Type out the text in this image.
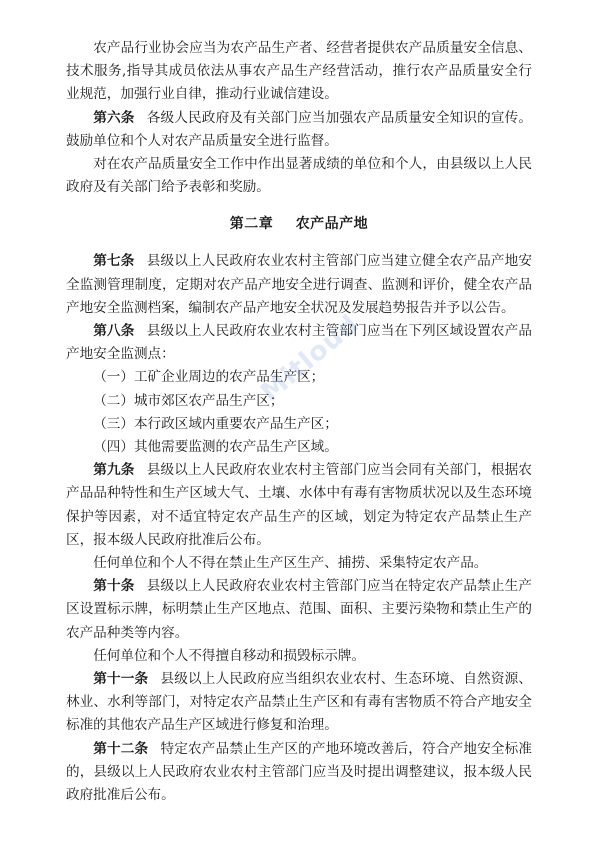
Mitloud

农产品行业协会应当为农产品生产者、经营者提供农产品质量安全信息、技术服务,指导其成员依法从事农产品生产经营活动，推行农产品质量安全行业规范，加强行业自律，推动行业诚信建设。

第六条 各级人民政府及有关部门应当加强农产品质量安全知识的宣传。鼓励单位和个人对农产品质量安全进行监督。

对在农产品质量安全工作中作出显著成绩的单位和个人，由县级以上人民政府及有关部门给予表彰和奖励。

第二章 农产品产地

第七条 县级以上人民政府农业农村主管部门应当建立健全农产品产地安全监测管理制度，定期对农产品产地安全进行调查、监测和评价，健全农产品产地安全监测档案，编制农产品产地安全状况及发展趋势报告并予以公告。

第八条 县级以上人民政府农业农村主管部门应当在下列区域设置农产品产地安全监测点：

（一）工矿企业周边的农产品生产区；

（二）城市郊区农产品生产区；

（三）本行政区域内重要农产品生产区；

（四）其他需要监测的农产品生产区域。

第九条 县级以上人民政府农业农村主管部门应当会同有关部门，根据农产品品种特性和生产区域大气、土壤、水体中有毒有害物质状况以及生态环境保护等因素，对不适宜特定农产品生产的区域，划定为特定农产品禁止生产区，报本级人民政府批准后公布。

任何单位和个人不得在禁止生产区生产、捕捞、采集特定农产品。

第十条 县级以上人民政府农业农村主管部门应当在特定农产品禁止生产区设置标示牌，标明禁止生产区地点、范围、面积、主要污染物和禁止生产的农产品种类等内容。

任何单位和个人不得擅自移动和损毁标示牌。

第十一条 县级以上人民政府应当组织农业农村、生态环境、自然资源、林业、水利等部门，对特定农产品禁止生产区和有毒有害物质不符合产地安全标准的其他农产品生产区域进行修复和治理。

第十二条 特定农产品禁止生产区的产地环境改善后，符合产地安全标准的，县级以上人民政府农业农村主管部门应当及时提出调整建议，报本级人民政府批准后公布。
